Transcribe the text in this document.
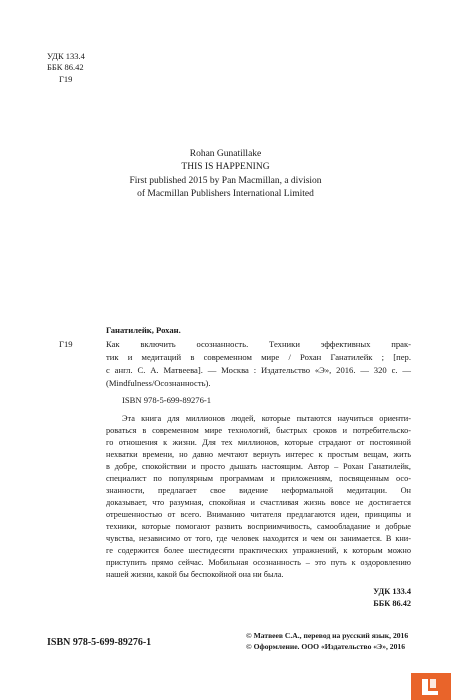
УДК 133.4
ББК 86.42
Г19
Rohan Gunatillake
THIS IS HAPPENING
First published 2015 by Pan Macmillan, a division
of Macmillan Publishers International Limited
Ганатилейк, Рохан.
Г19	Как включить осознанность. Техники эффективных прак-
тик и медитаций в современном мире / Рохан Ганатилейк ; [пер.
с англ. С. А. Матвеева]. — Москва : Издательство «Э», 2016. — 320 с. —
(Mindfulness/Осознанность).
ISBN 978-5-699-89276-1
Эта книга для миллионов людей, которые пытаются научиться ориенти-
роваться в современном мире технологий, быстрых сроков и потребительско-
го отношения к жизни. Для тех миллионов, которые страдают от постоянной
нехватки времени, но давно мечтают вернуть интерес к простым вещам, жить
в добре, спокойствии и просто дышать настоящим. Автор – Рохан Ганатилейк,
специалист по популярным программам и приложениям, посвященным осо-
знанности, предлагает свое видение неформальной медитации. Он
доказывает, что разумная, спокойная и счастливая жизнь вовсе не достигается
отрешенностью от всего. Вниманию читателя предлагаются идеи, принципы и
техники, которые помогают развить восприимчивость, самообладание и добрые
чувства, независимо от того, где человек находится и чем он занимается. В кни-
ге содержится более шестидесяти практических упражнений, к которым можно
приступить прямо сейчас. Мобильная осознанность – это путь к оздоровлению
нашей жизни, какой бы беспокойной она ни была.
УДК 133.4
ББК 86.42
ISBN 978-5-699-89276-1
© Матвеев С.А., перевод на русский язык, 2016
© Оформление. ООО «Издательство «Э», 2016
